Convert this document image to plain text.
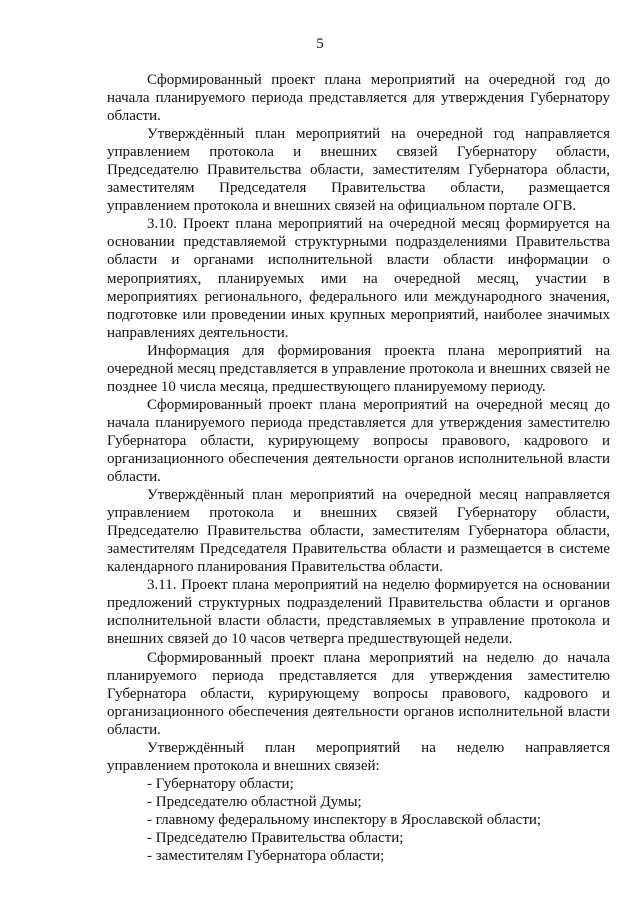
5

Сформированный проект плана мероприятий на очередной год до начала планируемого периода представляется для утверждения Губернатору области.

Утверждённый план мероприятий на очередной год направляется управлением протокола и внешних связей Губернатору области, Председателю Правительства области, заместителям Губернатора области, заместителям Председателя Правительства области, размещается управлением протокола и внешних связей на официальном портале ОГВ.

3.10. Проект плана мероприятий на очередной месяц формируется на основании представляемой структурными подразделениями Правительства области и органами исполнительной власти области информации о мероприятиях, планируемых ими на очередной месяц, участии в мероприятиях регионального, федерального или международного значения, подготовке или проведении иных крупных мероприятий, наиболее значимых направлениях деятельности.

Информация для формирования проекта плана мероприятий на очередной месяц представляется в управление протокола и внешних связей не позднее 10 числа месяца, предшествующего планируемому периоду.

Сформированный проект плана мероприятий на очередной месяц до начала планируемого периода представляется для утверждения заместителю Губернатора области, курирующему вопросы правового, кадрового и организационного обеспечения деятельности органов исполнительной власти области.

Утверждённый план мероприятий на очередной месяц направляется управлением протокола и внешних связей Губернатору области, Председателю Правительства области, заместителям Губернатора области, заместителям Председателя Правительства области и размещается в системе календарного планирования Правительства области.

3.11. Проект плана мероприятий на неделю формируется на основании предложений структурных подразделений Правительства области и органов исполнительной власти области, представляемых в управление протокола и внешних связей до 10 часов четверга предшествующей недели.

Сформированный проект плана мероприятий на неделю до начала планируемого периода представляется для утверждения заместителю Губернатора области, курирующему вопросы правового, кадрового и организационного обеспечения деятельности органов исполнительной власти области.

Утверждённый план мероприятий на неделю направляется управлением протокола и внешних связей:

- Губернатору области;

- Председателю областной Думы;

- главному федеральному инспектору в Ярославской области;

- Председателю Правительства области;

- заместителям Губернатора области;
